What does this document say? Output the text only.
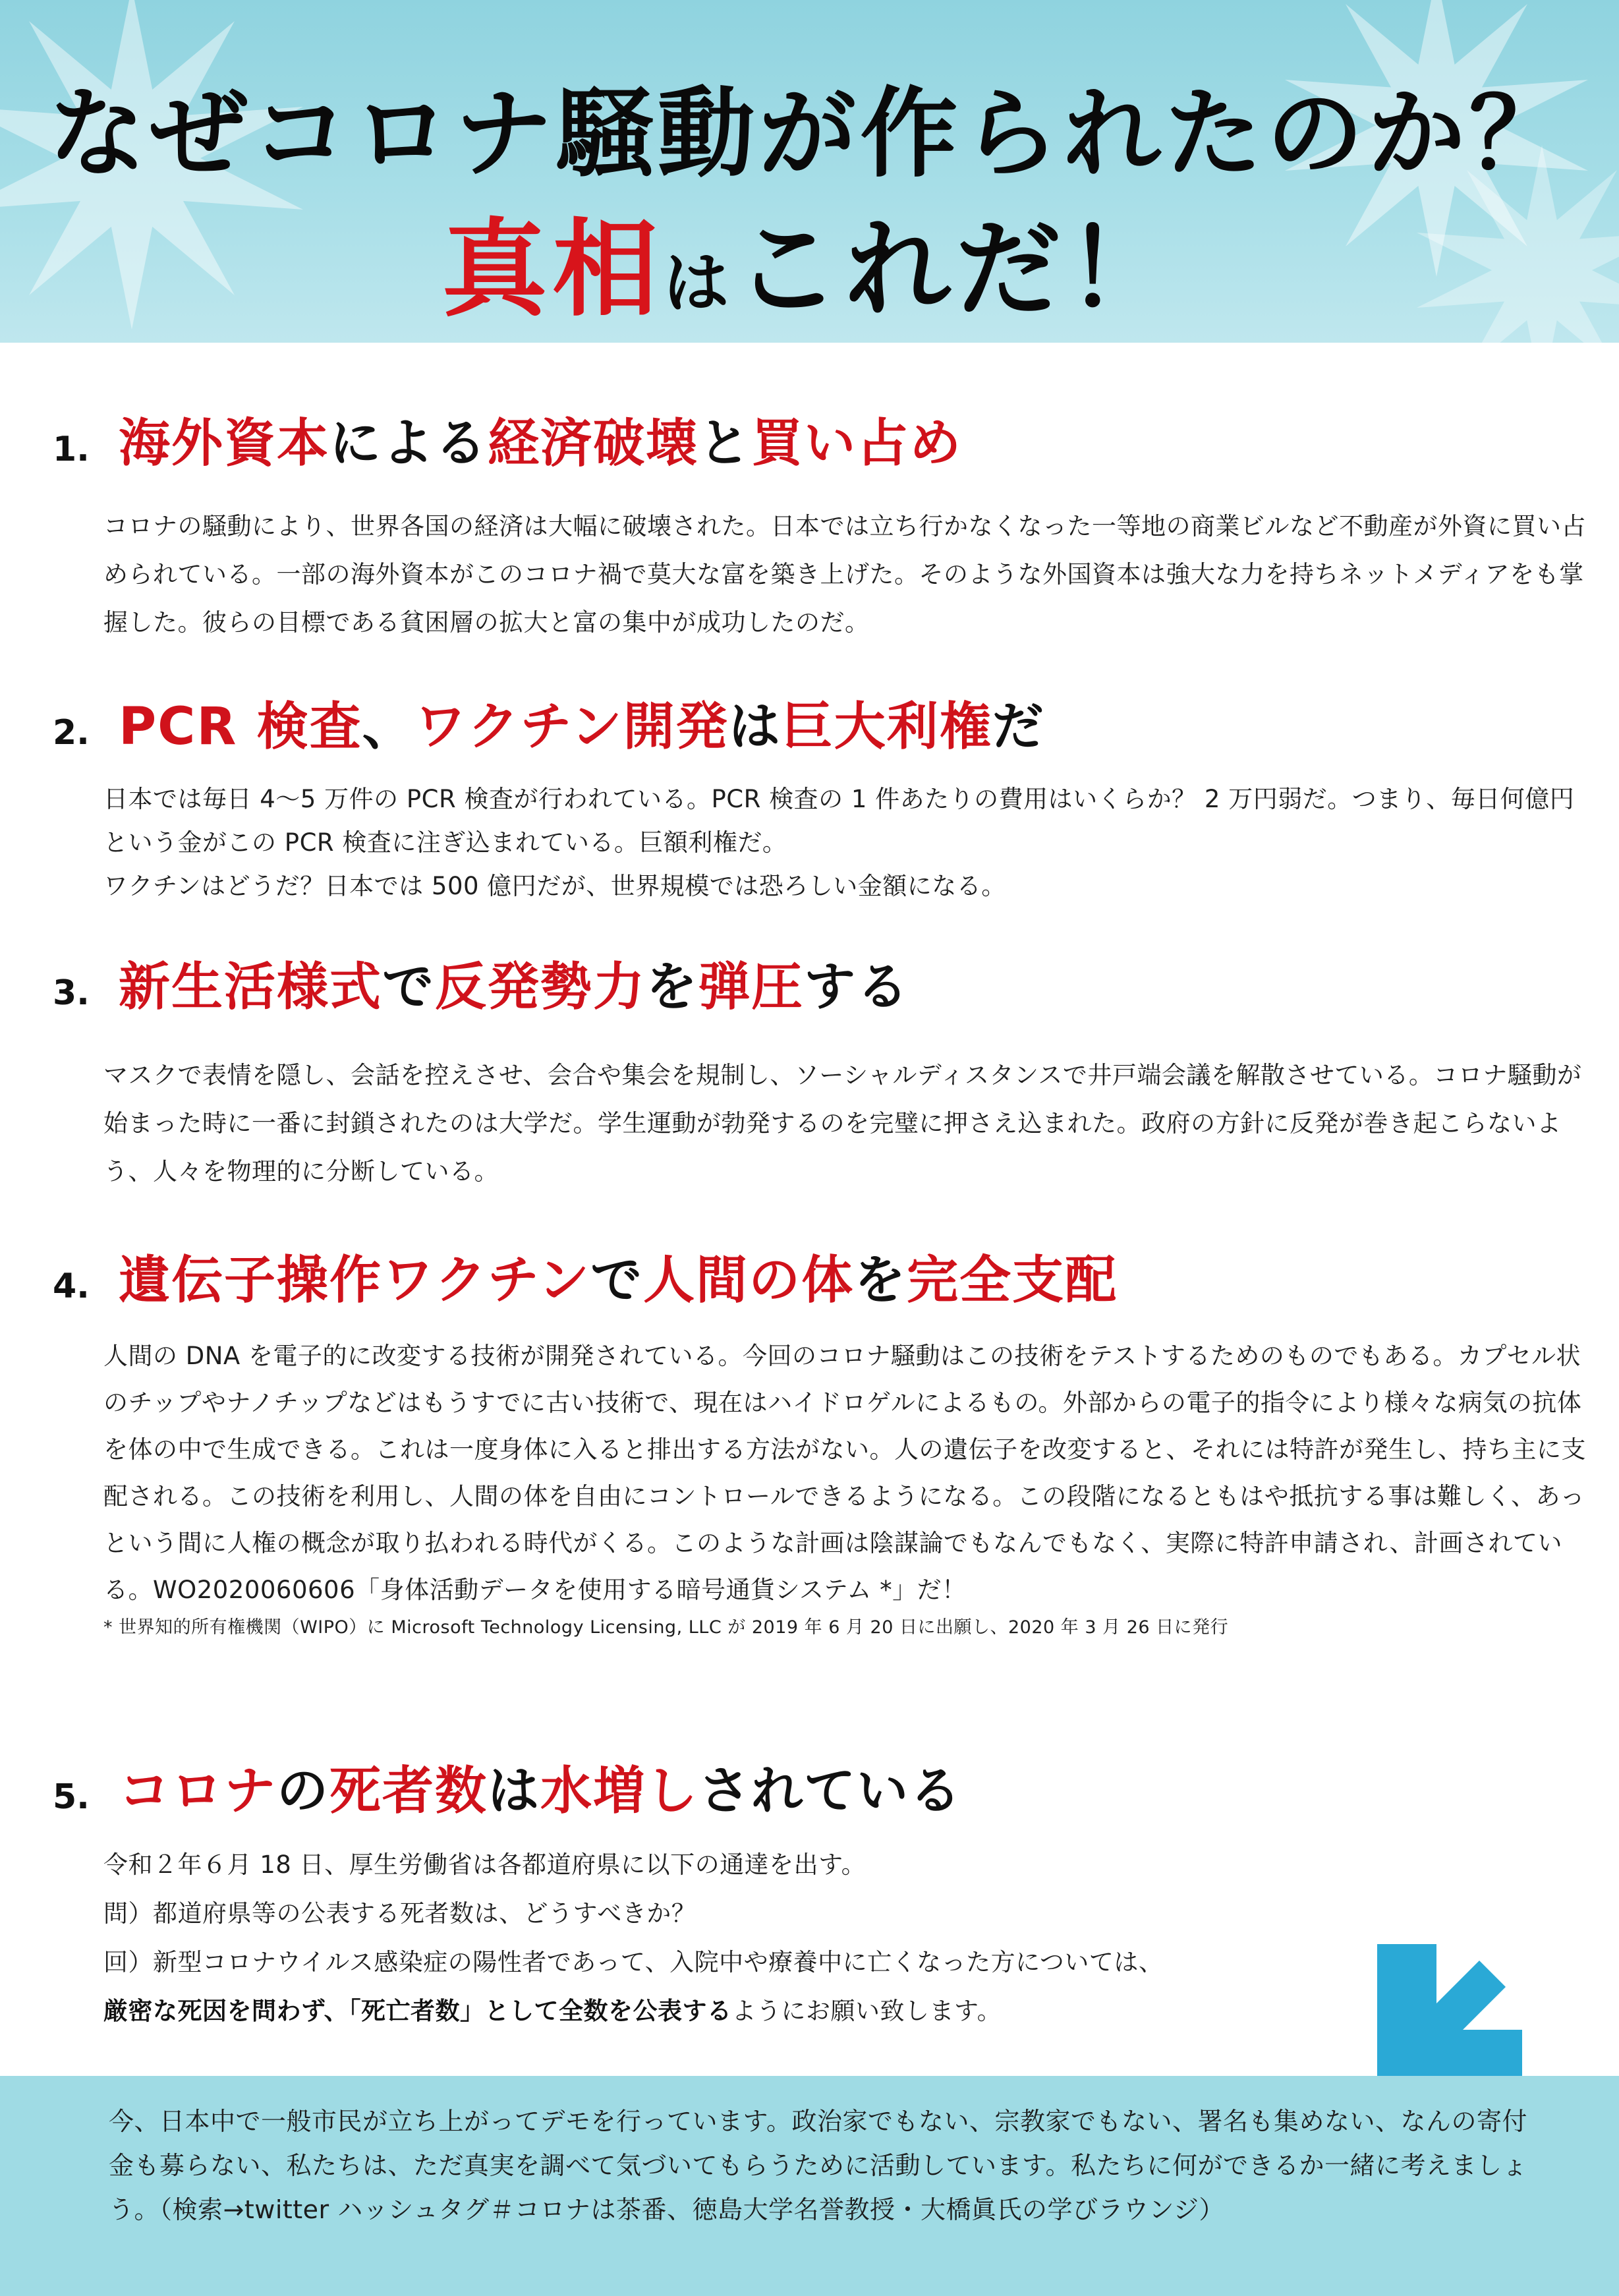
なぜコロナ騒動が作られたのか？
真相はこれだ！
1. 海外資本による経済破壊と買い占め

コロナの騒動により、世界各国の経済は大幅に破壊された。日本では立ち行かなくなった一等地の商業ビルなど不動産が外資に買い占められている。一部の海外資本がこのコロナ禍で莫大な富を築き上げた。そのような外国資本は強大な力を持ちネットメディアをも掌握した。彼らの目標である貧困層の拡大と富の集中が成功したのだ。

2. PCR 検査、ワクチン開発は巨大利権だ

日本では毎日 4〜5 万件の PCR 検査が行われている。PCR 検査の 1 件あたりの費用はいくらか？ 2 万円弱だ。つまり、毎日何億円という金がこの PCR 検査に注ぎ込まれている。巨額利権だ。

ワクチンはどうだ？日本では 500 億円だが、世界規模では恐ろしい金額になる。

3. 新生活様式で反発勢力を弾圧する

マスクで表情を隠し、会話を控えさせ、会合や集会を規制し、ソーシャルディスタンスで井戸端会議を解散させている。コロナ騒動が始まった時に一番に封鎖されたのは大学だ。学生運動が勃発するのを完璧に押さえ込まれた。政府の方針に反発が巻き起こらないよう、人々を物理的に分断している。

4. 遺伝子操作ワクチンで人間の体を完全支配

人間の DNA を電子的に改変する技術が開発されている。今回のコロナ騒動はこの技術をテストするためのものでもある。カプセル状のチップやナノチップなどはもうすでに古い技術で、現在はハイドロゲルによるもの。外部からの電子的指令により様々な病気の抗体を体の中で生成できる。これは一度身体に入ると排出する方法がない。人の遺伝子を改変すると、それには特許が発生し、持ち主に支配される。この技術を利用し、人間の体を自由にコントロールできるようになる。この段階になるともはや抵抗する事は難しく、あっという間に人権の概念が取り払われる時代がくる。このような計画は陰謀論でもなんでもなく、実際に特許申請され、計画されている。WO2020060606「身体活動データを使用する暗号通貨システム *」だ！

* 世界知的所有権機関（WIPO）に Microsoft Technology Licensing, LLC が 2019 年 6 月 20 日に出願し、2020 年 3 月 26 日に発行

5. コロナの死者数は水増しされている

令和２年６月 18 日、厚生労働省は各都道府県に以下の通達を出す。

問）都道府県等の公表する死者数は、どうすべきか？

回）新型コロナウイルス感染症の陽性者であって、入院中や療養中に亡くなった方については、

厳密な死因を問わず、「死亡者数」として全数を公表するようにお願い致します。

今、日本中で一般市民が立ち上がってデモを行っています。政治家でもない、宗教家でもない、署名も集めない、なんの寄付金も募らない、私たちは、ただ真実を調べて気づいてもらうために活動しています。私たちに何ができるか一緒に考えましょう。（検索→twitter ハッシュタグ＃コロナは茶番、徳島大学名誉教授・大橋眞氏の学びラウンジ）
